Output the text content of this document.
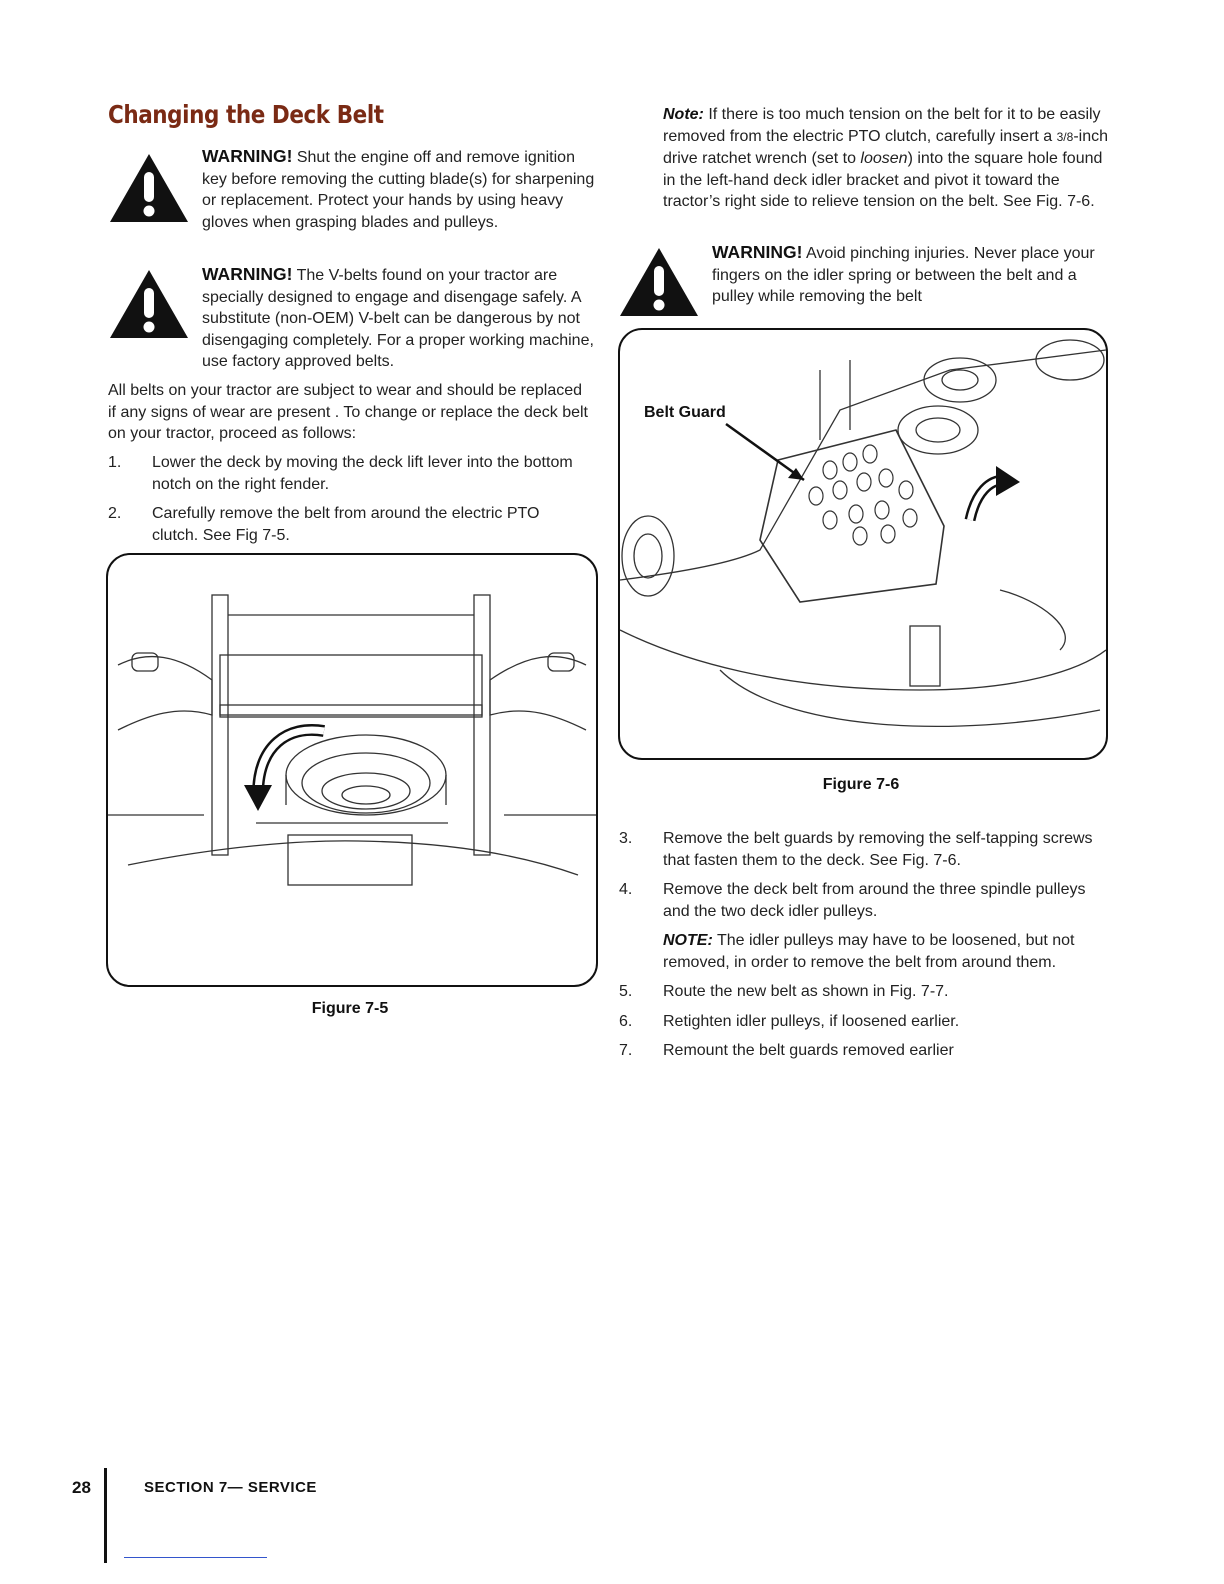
Changing the Deck Belt
WARNING! Shut the engine off and remove ignition key before removing the cutting blade(s) for sharpening or replacement. Protect your hands by using heavy gloves when grasping blades and pulleys.
WARNING! The V-belts found on your tractor are specially designed to engage and disengage safely. A substitute (non-OEM) V-belt can be dangerous by not disengaging completely. For a proper working machine, use factory approved belts.
All belts on your tractor are subject to wear and should be replaced if any signs of wear are present . To change or replace the deck belt on your tractor, proceed as follows:
1. Lower the deck by moving the deck lift lever into the bottom notch on the right fender.
2. Carefully remove the belt from around the electric PTO clutch. See Fig 7-5.
Figure 7-5
Note: If there is too much tension on the belt for it to be easily removed from the electric PTO clutch, carefully insert a 3/8-inch drive ratchet wrench (set to loosen) into the square hole found in the left-hand deck idler bracket and pivot it toward the tractor’s right side to relieve tension on the belt. See Fig. 7-6.
WARNING! Avoid pinching injuries. Never place your fingers on the idler spring or between the belt and a pulley while removing the belt
Belt Guard
Figure 7-6
3. Remove the belt guards by removing the self-tapping screws that fasten them to the deck. See Fig. 7-6.
4. Remove the deck belt from around the three spindle pulleys and the two deck idler pulleys.
NOTE: The idler pulleys may have to be loosened, but not removed, in order to remove the belt from around them.
5. Route the new belt as shown in Fig. 7-7.
6. Retighten idler pulleys, if loosened earlier.
7. Remount the belt guards removed earlier
28	SECTION 7— SERVICE
